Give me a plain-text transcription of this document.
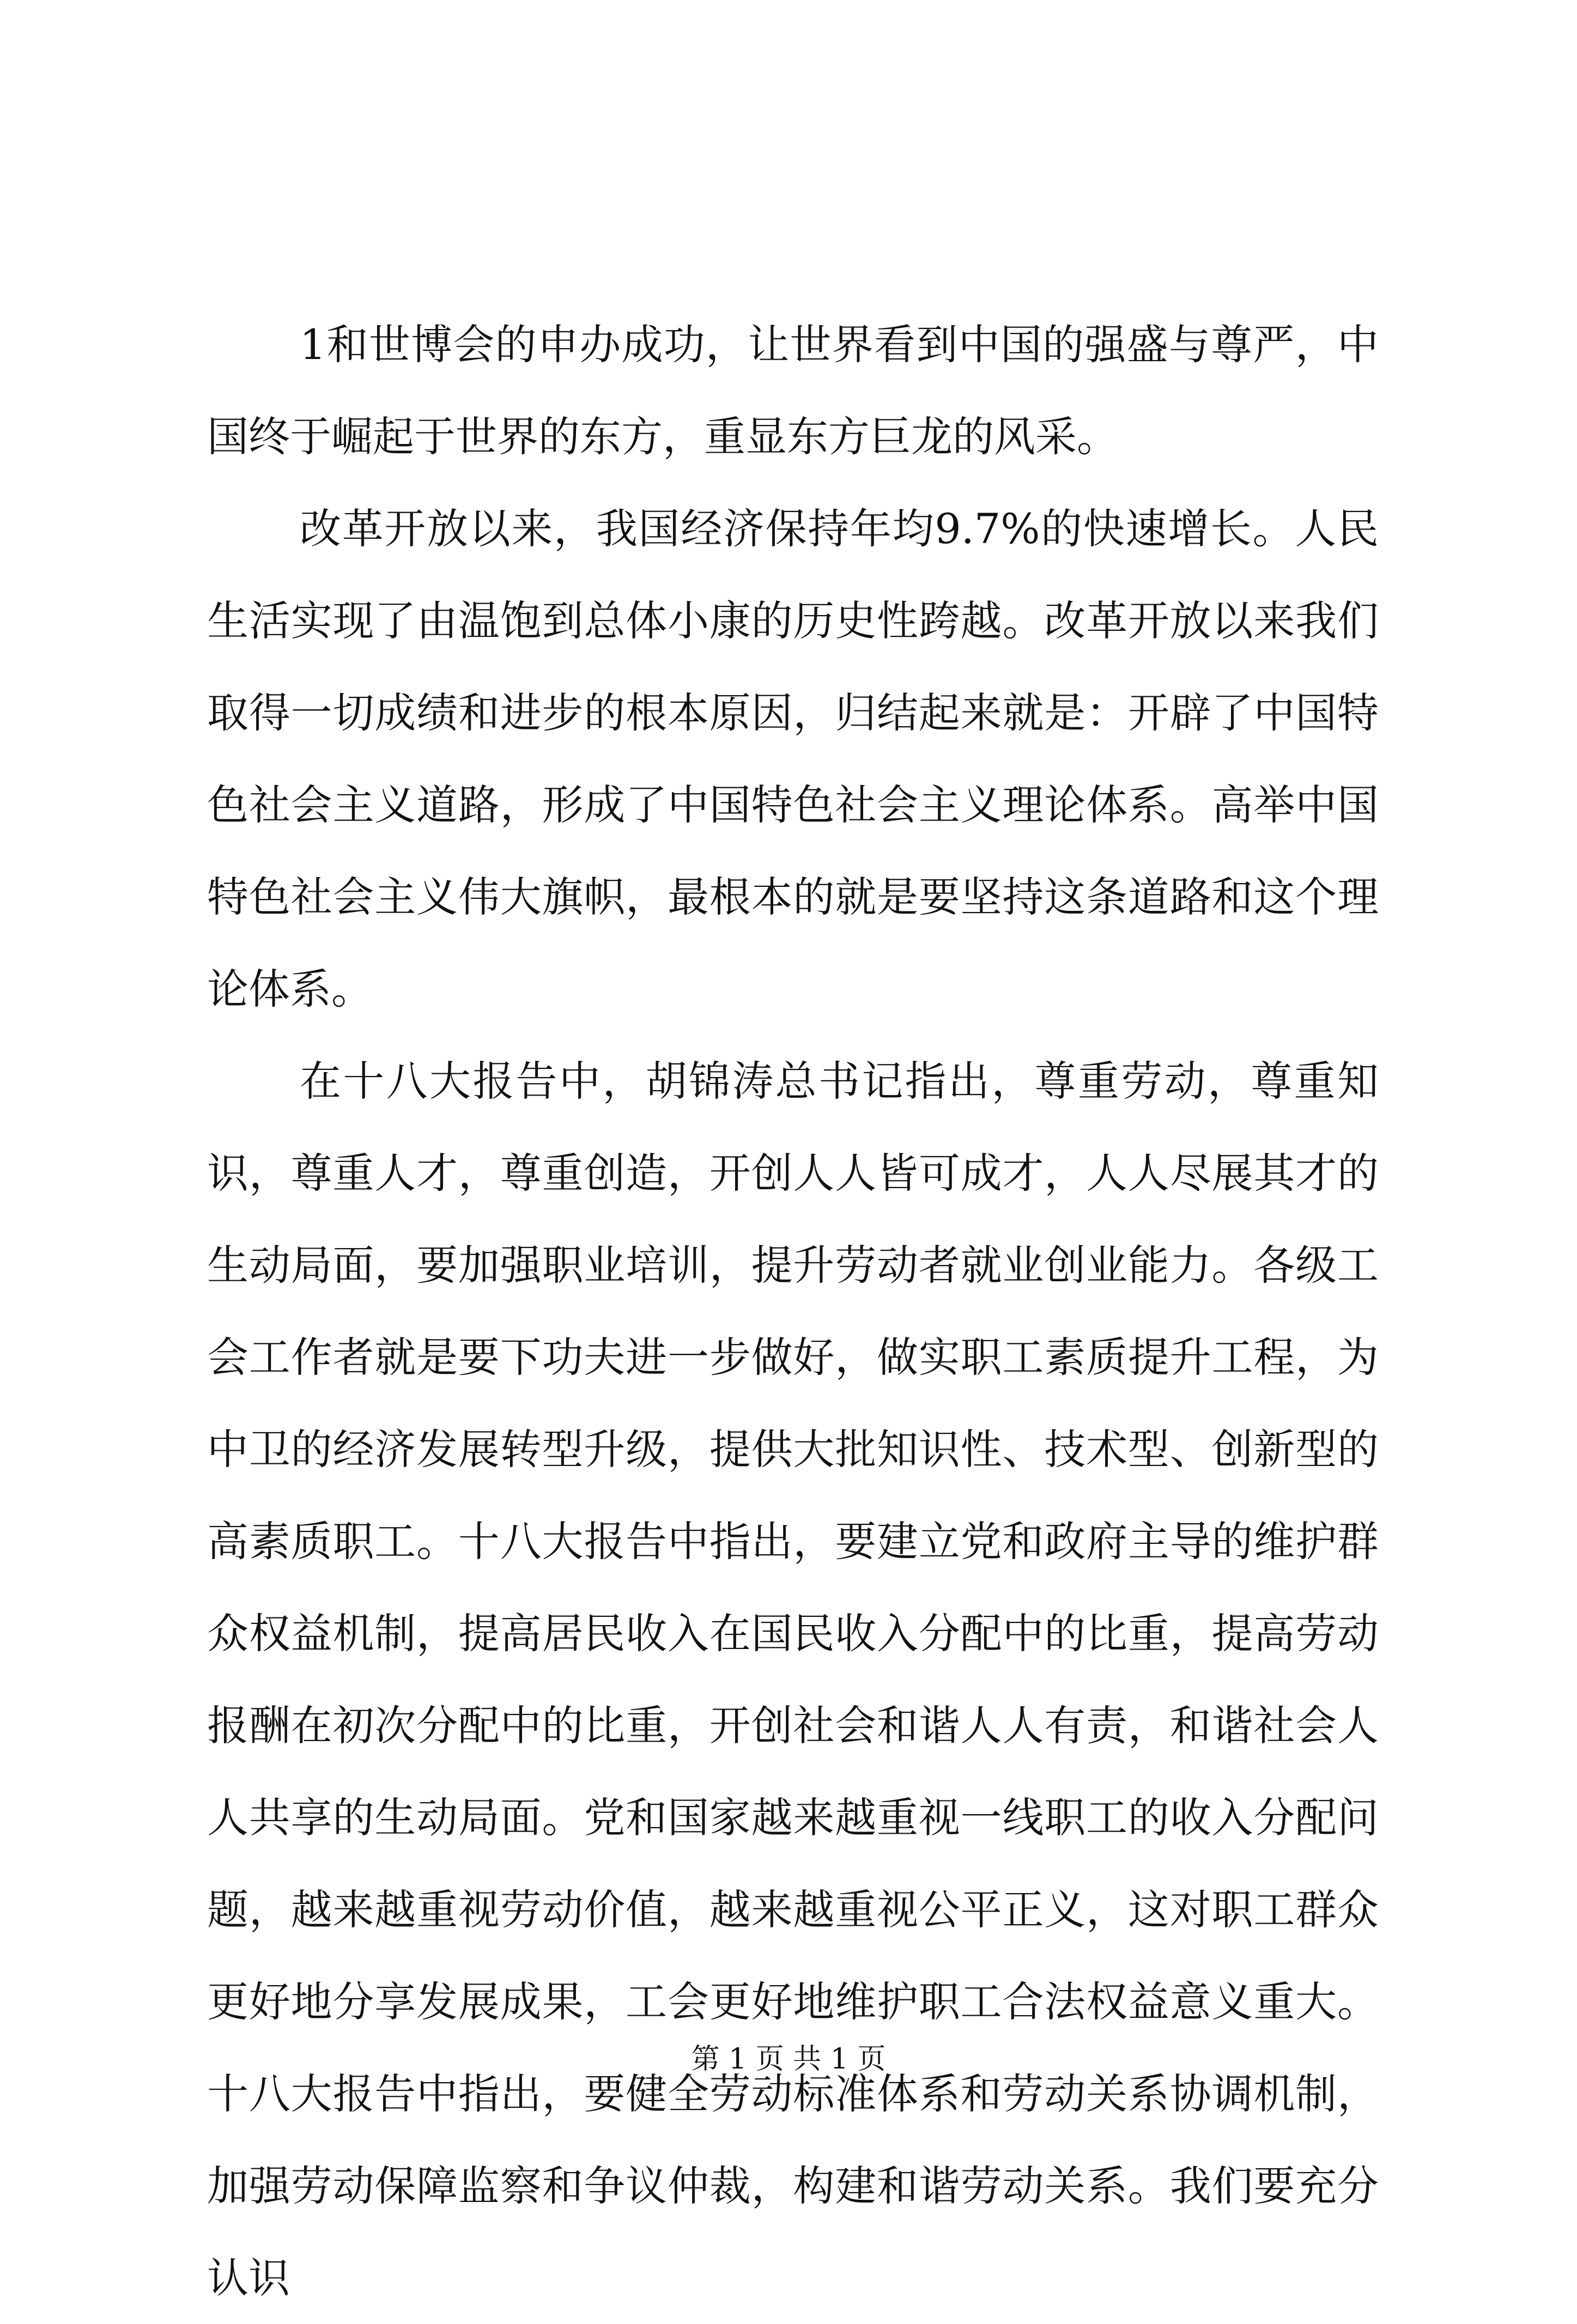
1和世博会的申办成功，让世界看到中国的强盛与尊严，中国终于崛起于世界的东方，重显东方巨龙的风采。

改革开放以来，我国经济保持年均9.7%的快速增长。人民生活实现了由温饱到总体小康的历史性跨越。改革开放以来我们取得一切成绩和进步的根本原因，归结起来就是：开辟了中国特色社会主义道路，形成了中国特色社会主义理论体系。高举中国特色社会主义伟大旗帜，最根本的就是要坚持这条道路和这个理论体系。

在十八大报告中，胡锦涛总书记指出，尊重劳动，尊重知识，尊重人才，尊重创造，开创人人皆可成才，人人尽展其才的生动局面，要加强职业培训，提升劳动者就业创业能力。各级工会工作者就是要下功夫进一步做好，做实职工素质提升工程，为中卫的经济发展转型升级，提供大批知识性、技术型、创新型的高素质职工。十八大报告中指出，要建立党和政府主导的维护群众权益机制，提高居民收入在国民收入分配中的比重，提高劳动报酬在初次分配中的比重，开创社会和谐人人有责，和谐社会人人共享的生动局面。党和国家越来越重视一线职工的收入分配问题，越来越重视劳动价值，越来越重视公平正义，这对职工群众更好地分享发展成果，工会更好地维护职工合法权益意义重大。十八大报告中指出，要健全劳动标准体系和劳动关系协调机制，加强劳动保障监察和争议仲裁，构建和谐劳动关系。我们要充分认识

第 1 页 共 1 页
